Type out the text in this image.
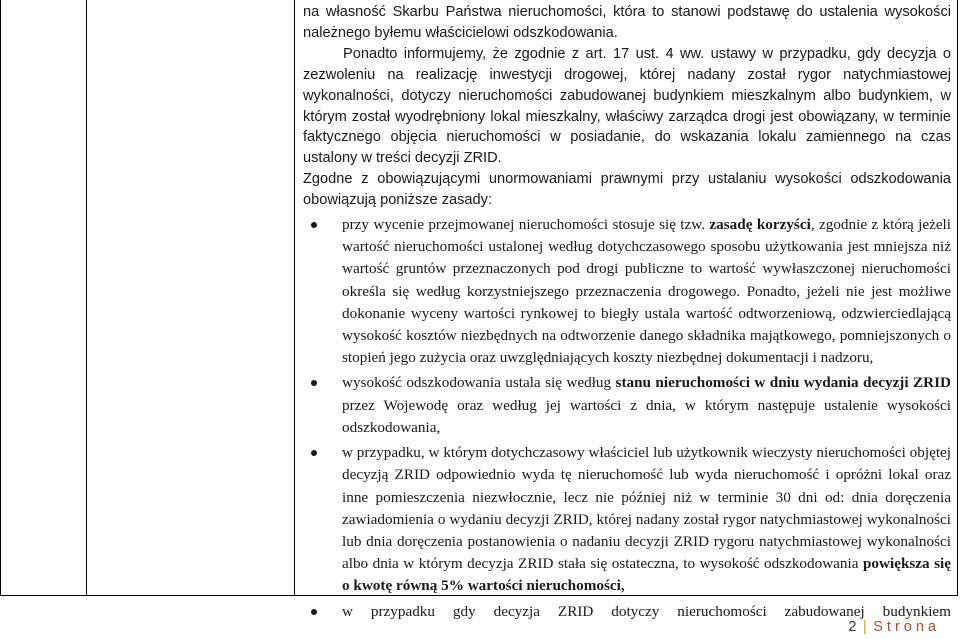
na własność Skarbu Państwa nieruchomości, która to stanowi podstawę do ustalenia wysokości należnego byłemu właścicielowi odszkodowania.

Ponadto informujemy, że zgodnie z art. 17 ust. 4 ww. ustawy w przypadku, gdy decyzja o zezwoleniu na realizację inwestycji drogowej, której nadany został rygor natychmiastowej wykonalności, dotyczy nieruchomości zabudowanej budynkiem mieszkalnym albo budynkiem, w którym został wyodrębniony lokal mieszkalny, właściwy zarządca drogi jest obowiązany, w terminie faktycznego objęcia nieruchomości w posiadanie, do wskazania lokalu zamiennego na czas ustalony w treści decyzji ZRID.

Zgodne z obowiązującymi unormowaniami prawnymi przy ustalaniu wysokości odszkodowania obowiązują poniższe zasady:

przy wycenie przejmowanej nieruchomości stosuje się tzw. zasadę korzyści, zgodnie z którą jeżeli wartość nieruchomości ustalonej według dotychczasowego sposobu użytkowania jest mniejsza niż wartość gruntów przeznaczonych pod drogi publiczne to wartość wywłaszczonej nieruchomości określa się według korzystniejszego przeznaczenia drogowego. Ponadto, jeżeli nie jest możliwe dokonanie wyceny wartości rynkowej to biegły ustala wartość odtworzeniową, odzwierciedlającą wysokość kosztów niezbędnych na odtworzenie danego składnika majątkowego, pomniejszonych o stopień jego zużycia oraz uwzględniających koszty niezbędnej dokumentacji i nadzoru,
wysokość odszkodowania ustala się według stanu nieruchomości w dniu wydania decyzji ZRID przez Wojewodę oraz według jej wartości z dnia, w którym następuje ustalenie wysokości odszkodowania,
w przypadku, w którym dotychczasowy właściciel lub użytkownik wieczysty nieruchomości objętej decyzją ZRID odpowiednio wyda tę nieruchomość lub wyda nieruchomość i opróżni lokal oraz inne pomieszczenia niezwłocznie, lecz nie później niż w terminie 30 dni od: dnia doręczenia zawiadomienia o wydaniu decyzji ZRID, której nadany został rygor natychmiastowej wykonalności lub dnia doręczenia postanowienia o nadaniu decyzji ZRID rygoru natychmiastowej wykonalności albo dnia w którym decyzja ZRID stała się ostateczna, to wysokość odszkodowania powiększa się o kwotę równą 5% wartości nieruchomości,
w przypadku gdy decyzja ZRID dotyczy nieruchomości zabudowanej budynkiem
2 | Strona
